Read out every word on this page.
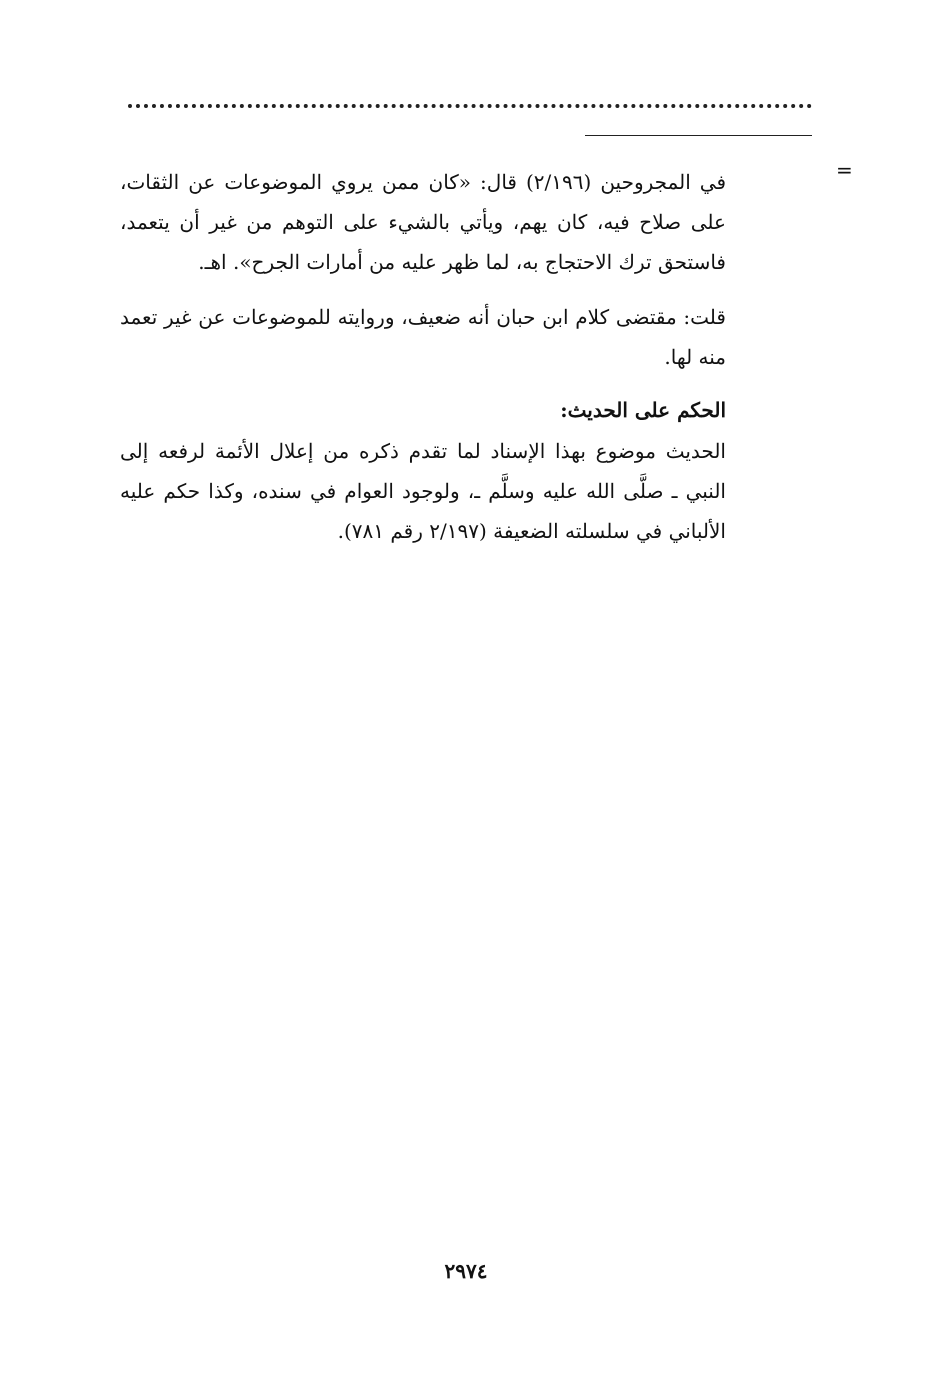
=
في المجروحين (٢/١٩٦) قال: «كان ممن يروي الموضوعات عن الثقات، على صلاح فيه، كان يهم، ويأتي بالشيء على التوهم من غير أن يتعمد، فاستحق ترك الاحتجاج به، لما ظهر عليه من أمارات الجرح». اهـ.
قلت: مقتضى كلام ابن حبان أنه ضعيف، وروايته للموضوعات عن غير تعمد منه لها.
الحكم على الحديث:
الحديث موضوع بهذا الإسناد لما تقدم ذكره من إعلال الأئمة لرفعه إلى النبي ـ صلَّى الله عليه وسلَّم ـ، ولوجود العوام في سنده، وكذا حكم عليه الألباني في سلسلته الضعيفة (٢/١٩٧ رقم ٧٨١).
٢٩٧٤
